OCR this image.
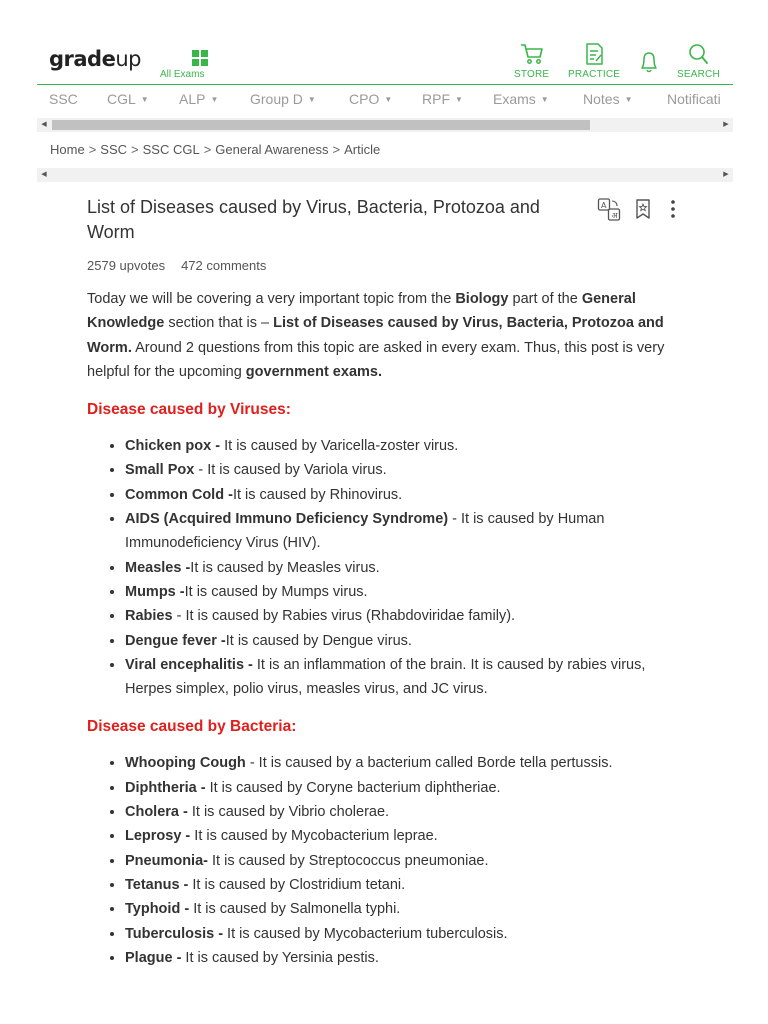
gradeup
All Exams	STORE PRACTICE	SEARCH
SSC CGL ▼ ALP ▼ Group D ▼ CPO ▼ RPF ▼ Exams ▼ Notes ▼ Notificati
◀	▶
Home > SSC > SSC CGL > General Awareness > Article
◀	▶
List of Diseases caused by Virus, Bacteria, Protozoa and Worm
A
अ
2579 upvotes 472 comments

Today we will be covering a very important topic from the Biology part of the General Knowledge section that is – List of Diseases caused by Virus, Bacteria, Protozoa and Worm. Around 2 questions from this topic are asked in every exam. Thus, this post is very helpful for the upcoming government exams.

Disease caused by Viruses:
• Chicken pox - It is caused by Varicella-zoster virus.
• Small Pox - It is caused by Variola virus.
• Common Cold -It is caused by Rhinovirus.
• AIDS (Acquired Immuno Deficiency Syndrome) - It is caused by Human Immunodeficiency Virus (HIV).
• Measles -It is caused by Measles virus.
• Mumps -It is caused by Mumps virus.
• Rabies - It is caused by Rabies virus (Rhabdoviridae family).
• Dengue fever -It is caused by Dengue virus.
• Viral encephalitis - It is an inflammation of the brain. It is caused by rabies virus, Herpes simplex, polio virus, measles virus, and JC virus.
Disease caused by Bacteria:
• Whooping Cough - It is caused by a bacterium called Borde tella pertussis.
• Diphtheria - It is caused by Coryne bacterium diphtheriae.
• Cholera - It is caused by Vibrio cholerae.
• Leprosy - It is caused by Mycobacterium leprae.
• Pneumonia- It is caused by Streptococcus pneumoniae.
• Tetanus - It is caused by Clostridium tetani.
• Typhoid - It is caused by Salmonella typhi.
• Tuberculosis - It is caused by Mycobacterium tuberculosis.
• Plague - It is caused by Yersinia pestis.
